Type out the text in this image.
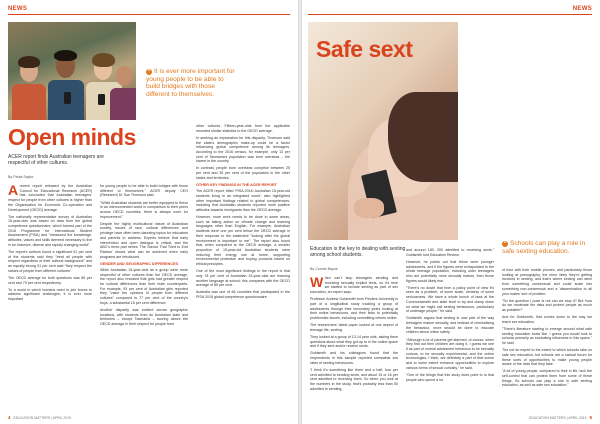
NEWS
“ It is ever more important for young people to be able to build bridges with those different to themselves.
Open minds
ACER report finds Australian teenagers are respectful of other cultures.
By Paula Saylor

Arecent report released by the Australian Council for Educational Research (ACER) has concluded that Australian teenagers' respect for people from other cultures is higher than the Organisation for Economic Co-operation and Development (OECD) average.

The nationally representative survey of Australian 15-year-olds was based on data from the global competence questionnaire, which formed part of the 2018 Programme for International Student Assessment (PISA) and "measured the knowledge, attitudes, values and skills deemed necessary to live in an inclusive, diverse and rapidly changing world".

The report's authors found a significant 91 per cent of the students said they "treat all people with respect regardless of their cultural background" and an equally strong 91 per cent said "they respect the values of people from different cultures".

The OECD average for both questions was 85 per cent and 79 per cent respectively.

"In a world in which humans need to join forces to address significant challenges, it is ever more important

for young people to be able to build bridges with those different to themselves," ACER deputy CEO (Research) Dr Sue Thomson said.

"While Australian students are better equipped to thrive in an interconnected world in comparison to their peers across OECD countries, there is always room for improvement."

Despite the highly multicultural nature of Australian society, issues of race, cultural differences and privilege have often been daunting topics for educators and parents to address. Experts believe that early intervention and open dialogue is critical, and the ABC's three-part series 'The School That Tried to End Racism' shows what can be achieved when early programs are introduced.

GENDER AND GEOGRAPHIC DIFFERENCES

While Australian 15-year-olds as a group were more respectful of other cultures than the OECD average, the report also revealed that girls had greater respect for cultural differences than their male counterparts. For example, 93 per cent of Australian girls reported they "value the opinions of people from different cultures" compared to 77 per cent of the country's boys, a substantial 15 per cent difference.

Another disparity was evident across geographic locations, with students from an Australian state and territories – except Tasmania – scoring above the OECD average in their respect for people from

other cultures. Fifteen-year-olds from the applicable recorded similar statistics to the OECD average.

In seeking an explanation for this disparity, Thomson said the state's demographic make-up could be a factor influencing global competence among its teenagers. According to the 2016 census, for example, only 13 per cent of Tasmania's population was born overseas – the lowest in the country.

In contrast, people born overseas comprise between 25 per cent and 35 per cent of the population in the other states and territories.

OTHER KEY FINDINGS IN THE ACER REPORT

The ACER report, titled 'PISA 2018: Australian 15-year-old students living in an integrated world', also highlighted other important findings related to global competencies, including that Australian students reported more positive attitudes towards immigrants than the OECD average.

However, more work needs to be done in some areas, such as taking action on climate change and learning languages other than English. For example, Australian students were one per cent below the OECD average in their response to the statement "looking after the global environment is important to me". The report also found that, when compared to the OECD average, a smaller proportion of 15-year-old Australian students were reducing their energy use at home, supporting environmental protection and buying products based on ethical principles.

One of the most significant findings in the report is that only 78 per cent of Australian 15-year-olds are learning another language at school; this compares with the OECD average of 85 per cent.

Australia was one of 66 countries that participated in the PISA 2018 global competence questionnaire.

4 EDUCATION MATTERS | APRIL 2019
NEWS
Safe sext
Education is the key to dealing with sexting among school students.
By Connie Bayne

When can't stop teenagers sending and receiving sexually explicit texts, so it's time we started to include sexting as part of sex education, an expert says.

Professor Andrew Goldsmith from Flinders University is part of a longitudinal study tracking a group of adolescents through their secondary years looking at their online behaviours, and their links to potentially problematic issues, including committing crimes online.

The researchers' latest paper looked at one aspect of teenage life, sexting.

They looked at a group of 13-14 year olds, asking them questions about what they got up to in the online space and if they sent and/or receive sexts.

Goldsmith and his colleagues found that the respondents in this sample reported somewhat low rates of sexting behaviours.

"I think it's something like three and a half, four per cent admitted to sending sexts, and about 15 or 16 per cent admitted to receiving them. So when you look at the numbers in the study, that's probably less than 50 admitted to sending,

and around 180, 200 admitted to receiving sexts," Goldsmith told Education Review.

However, he points out that these were younger adolescents, and if the figures were extrapolated to the whole teenage population, including older teenagers who are potentially more sexually mature, then those figures would likely rise.

"There's no doubt that from a policy point of view it's seen as a problem, of some scale, certainly of some seriousness. We have a whole bunch of laws at the Commonwealth and state level to try and clamp down on what we might call sexting behaviours, particularly of underage people," he said.

Goldsmith argues that sexting is now part of the way teenagers mature sexually, and instead of criminalising the behaviour, more should be done to educate children about online safety.

"Although a lot of parents get alarmed, of course, when they find out their children are doing it, I guess we see it as part of normal adolescent behaviour to be sexually curious, to be sexually experimental, and the online technologies, I think, are definitely a part of that scene and to some extent enhance opportunities to explore various forms of sexual curiosity," he said.

"One of the things that this study does point to is that people who spend a lot

“ Schools can play a role in safe sexting education.

of time with their mobile phones, and particularly those looking at pornography, the more likely they're getting involved in sexting, and that's where sexting can stem from something consensual and could scale into something non-consensual and a 'dissemination to all your mates' sort of problem.

"So the question I pose is not can we stop it? But 'how do we moderate the risks and protect people as much as possible?'

And for Goldsmith, that comes down to the way we teach sex education.

"There's literature starting to emerge around what safe sexting education looks like. I guess you would look to schools primarily as incubating influences in this space," he said.

The not an expert to the extent to which schools take on safe sex education, but schools are a natural forum for these sorts of opportunities to make young people aware of the risks that they take.

"A lot of young people, compared to their in life, lack the self-control that can protect them from some of these things. So schools can play a role in safe sexting education, as well as safe sex education."

EDUCATION MATTERS | APRIL 2019 5
